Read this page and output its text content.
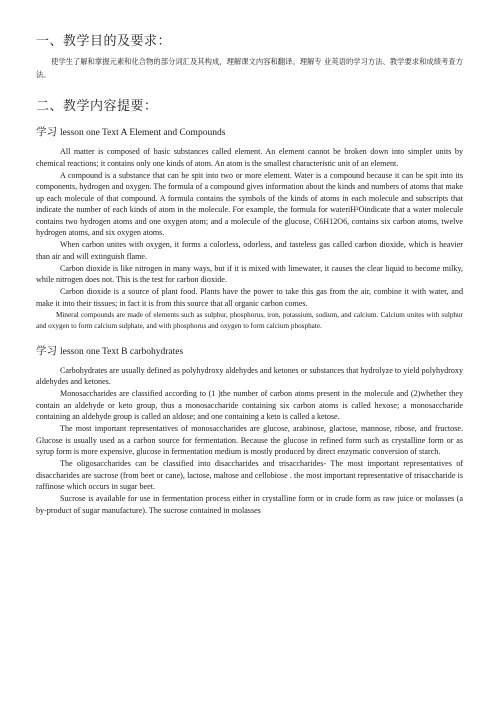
一、教学目的及要求：

使学生了解和掌握元素和化合物的部分词汇及其构成，理解课文内容和翻译。理解专 业英语的学习方法、教学要求和成绩考查方法。

二、教学内容提要：
学习 lesson one Text A Element and Compounds

All matter is composed of basic substances called element. An element cannot be broken down into simpler units by chemical reactions; it contains only one kinds of atom. An atom is the smallest characteristic unit of an element.

A compound is a substance that can be spit into two or more element. Water is a compound because it can be spit into its components, hydrogen and oxygen. The formula of a compound gives information about the kinds and numbers of atoms that make up each molecule of that compound. A formula contains the symbols of the kinds of atoms in each molecule and subscripts that indicate the number of each kinds of atom in the molecule. For example, the formula for wateriH²Oindicate that a water molecule contains two hydrogen atoms and one oxygen atom; and a molecule of the glucose, C6H12O6, contains six carbon atoms, twelve hydrogen atoms, and six oxygen atoms.

When carbon unites with oxygen, it forms a colorless, odorless, and tasteless gas called carbon dioxide, which is heavier than air and will extinguish flame.

Carbon dioxide is like nitrogen in many ways, but if it is mixed with limewater, it causes the clear liquid to become milky, while nitrogen does not. This is the test for carbon dioxide.

Carbon dioxide is a source of plant food. Plants have the power to take this gas from the air, combine it with water, and make it into their tissues; in fact it is from this source that all organic carbon comes.

Mineral compounds are made of elements such as sulphur, phosphorus, iron, potassium, sodium, and calcium. Calcium unites with sulphur and oxygen to form calcium sulphate, and with phosphorus and oxygen to form calcium phosphate.

学习 lesson one Text B carbohydrates

Carbohydrates are usually defined as polyhydroxy aldehydes and ketones or substances that hydrolyze to yield polyhydroxy aldehydes and ketones.

Monosaccharides are classified according to (1 )the number of carbon atoms present in the molecule and (2)whether they contain an aldehyde or keto group, thus a monosaccharide containing six carbon atoms is called hexose; a monosaccharide containing an aldehyde group is called an aldose; and one containing a keto is called a ketose.

The most important representatives of monosaccharides are glucose, arabinose, glactose, mannose, ribose, and fructose. Glucose is usually used as a carbon source for fermentation. Because the glucose in refined form such as crystalline form or as syrup form is more expensive, glucose in fermentation medium is mostly produced by direct enzymatic conversion of starch.

The oligosaccharides can be classified into disaccharides and trisaccharides- The most important representatives of disaccharides are sucrose (from beet or cane), lactose, maltose and cellobiose . the most important representative of trisaccharide is raffinose which occurs in sugar beet.

Sucrose is available for use in fermentation process either in crystalline form or in crude form as raw juice or molasses (a by-product of sugar manufacture). The sucrose contained in molasses
